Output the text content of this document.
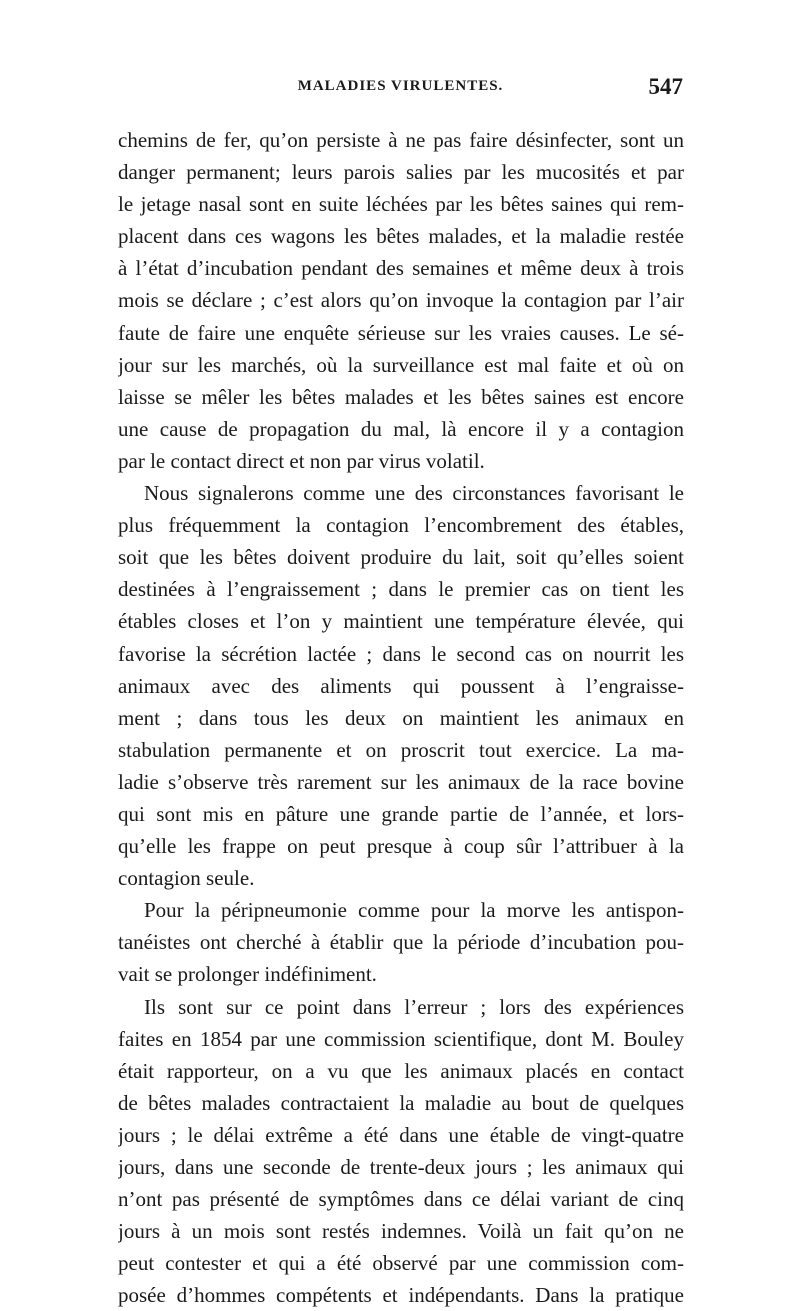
MALADIES VIRULENTES.	547
chemins de fer, qu’on persiste à ne pas faire désinfecter, sont un
danger permanent; leurs parois salies par les mucosités et par
le jetage nasal sont en suite léchées par les bêtes saines qui rem-
placent dans ces wagons les bêtes malades, et la maladie restée
à l’état d’incubation pendant des semaines et même deux à trois
mois se déclare ; c’est alors qu’on invoque la contagion par l’air
faute de faire une enquête sérieuse sur les vraies causes. Le sé-
jour sur les marchés, où la surveillance est mal faite et où on
laisse se mêler les bêtes malades et les bêtes saines est encore
une cause de propagation du mal, là encore il y a contagion
par le contact direct et non par virus volatil.
Nous signalerons comme une des circonstances favorisant le
plus fréquemment la contagion l’encombrement des étables,
soit que les bêtes doivent produire du lait, soit qu’elles soient
destinées à l’engraissement ; dans le premier cas on tient les
étables closes et l’on y maintient une température élevée, qui
favorise la sécrétion lactée ; dans le second cas on nourrit les
animaux avec des aliments qui poussent à l’engraisse-
ment ; dans tous les deux on maintient les animaux en
stabulation permanente et on proscrit tout exercice. La ma-
ladie s’observe très rarement sur les animaux de la race bovine
qui sont mis en pâture une grande partie de l’année, et lors-
qu’elle les frappe on peut presque à coup sûr l’attribuer à la
contagion seule.
Pour la péripneumonie comme pour la morve les antispon-
tanéistes ont cherché à établir que la période d’incubation pou-
vait se prolonger indéfiniment.
Ils sont sur ce point dans l’erreur ; lors des expériences
faites en 1854 par une commission scientifique, dont M. Bouley
était rapporteur, on a vu que les animaux placés en contact
de bêtes malades contractaient la maladie au bout de quelques
jours ; le délai extrême a été dans une étable de vingt-quatre
jours, dans une seconde de trente-deux jours ; les animaux qui
n’ont pas présenté de symptômes dans ce délai variant de cinq
jours à un mois sont restés indemnes. Voilà un fait qu’on ne
peut contester et qui a été observé par une commission com-
posée d’hommes compétents et indépendants. Dans la pratique
